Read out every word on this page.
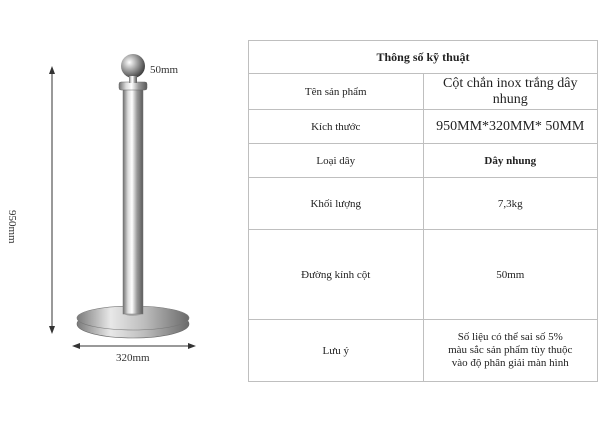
950mm
50mm
320mm
Thông số kỹ thuật	
Tên sản phẩm	Cột chắn inox trắng dây nhung
Kích thước	950MM*320MM* 50MM
Loại dây	Dây nhung
Khối lượng	7,3kg
Đường kính cột	50mm
Lưu ý	Số liệu có thể sai số 5%
màu sắc sản phẩm tùy thuộc
vào độ phân giải màn hình
